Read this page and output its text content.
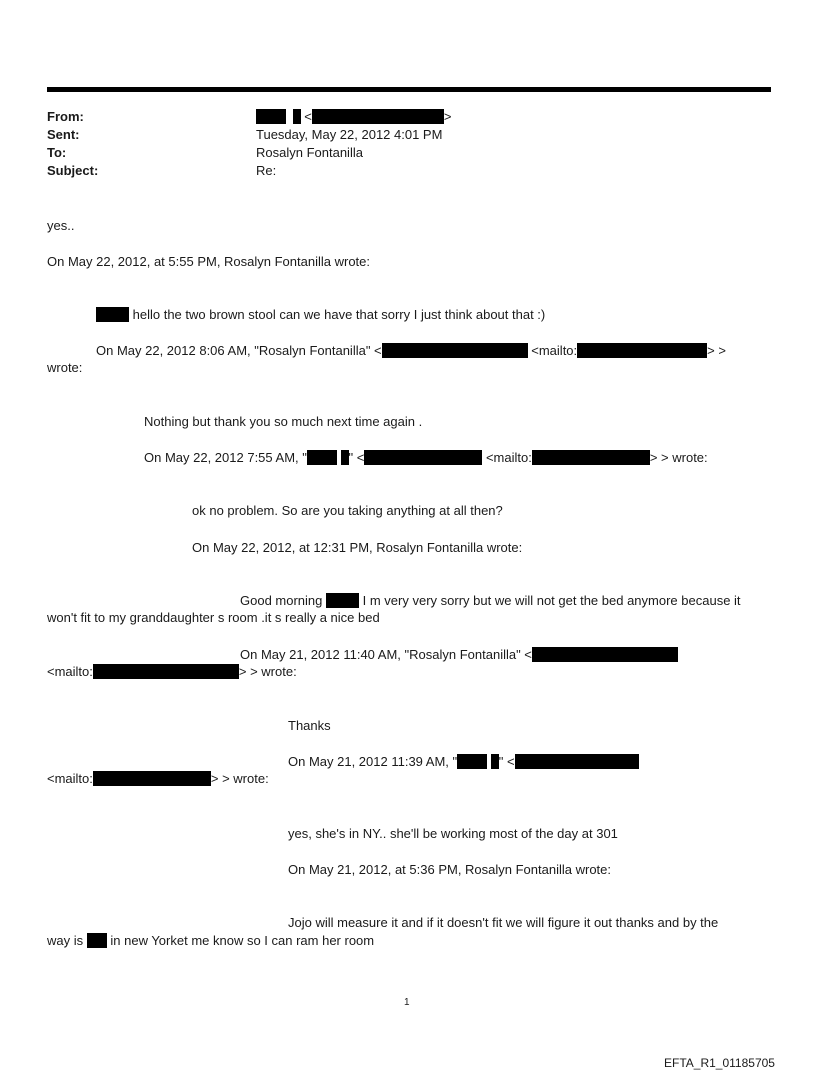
From:	<	>
Sent:	Tuesday, May 22, 2012 4:01 PM
To:	Rosalyn Fontanilla
Subject:	Re:
yes..
On May 22, 2012, at 5:55 PM, Rosalyn Fontanilla wrote:
hello the two brown stool can we have that sorry I just think about that :)
On May 22, 2012 8:06 AM, "Rosalyn Fontanilla" <	<mailto:	> >
wrote:
Nothing but thank you so much next time again .
On May 22, 2012 7:55 AM, "	" <	<mailto:	> > wrote:
ok no problem. So are you taking anything at all then?
On May 22, 2012, at 12:31 PM, Rosalyn Fontanilla wrote:
Good morning	I m very very sorry but we will not get the bed anymore because it
won't fit to my granddaughter s room .it s really a nice bed
On May 21, 2012 11:40 AM, "Rosalyn Fontanilla" <
<mailto:	> > wrote:
Thanks
On May 21, 2012 11:39 AM, "	" <
<mailto:	> > wrote:
yes, she's in NY.. she'll be working most of the day at 301
On May 21, 2012, at 5:36 PM, Rosalyn Fontanilla wrote:
Jojo will measure it and if it doesn't fit we will figure it out thanks and by the
way is in new Yorket me know so I can ram her room
1
EFTA_R1_01185705
